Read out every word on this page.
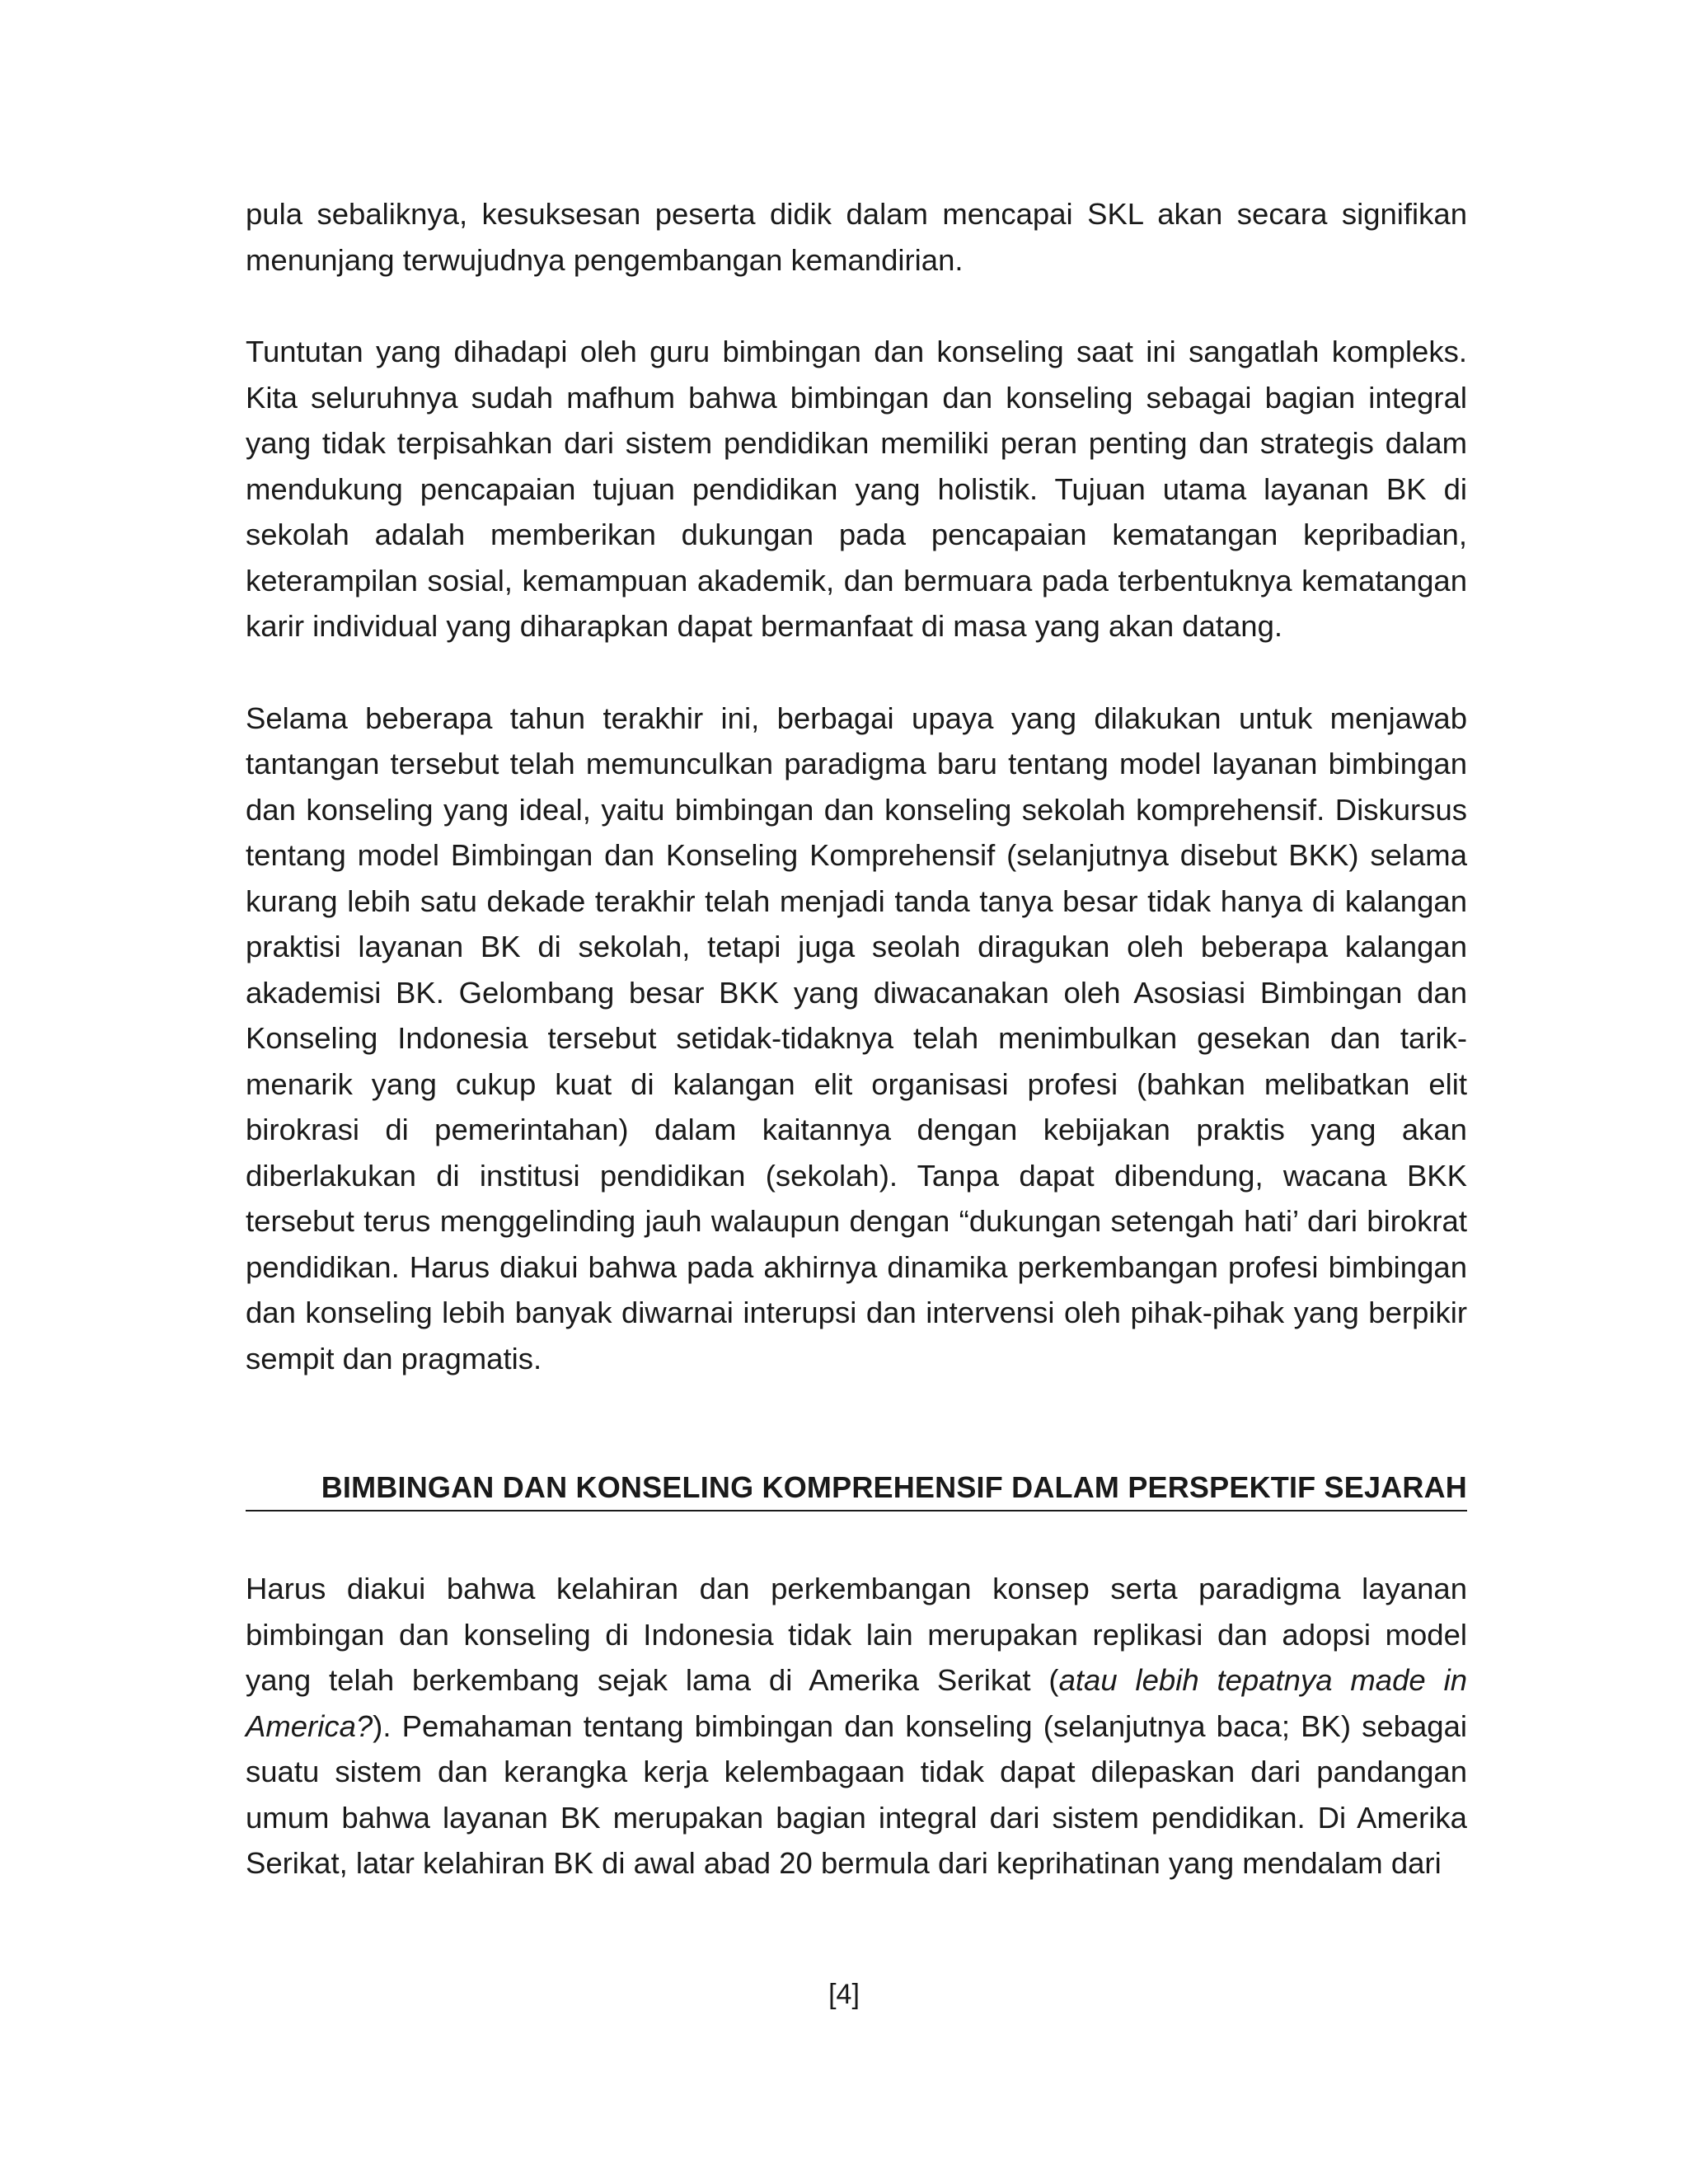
pula sebaliknya, kesuksesan peserta didik dalam mencapai SKL akan secara signifikan menunjang terwujudnya pengembangan kemandirian.

Tuntutan yang dihadapi oleh guru bimbingan dan konseling saat ini sangatlah kompleks. Kita seluruhnya sudah mafhum bahwa bimbingan dan konseling sebagai bagian integral yang tidak terpisahkan dari sistem pendidikan memiliki peran penting dan strategis dalam mendukung pencapaian tujuan pendidikan yang holistik. Tujuan utama layanan BK di sekolah adalah memberikan dukungan pada pencapaian kematangan kepribadian, keterampilan sosial, kemampuan akademik, dan bermuara pada terbentuknya kematangan karir individual yang diharapkan dapat bermanfaat di masa yang akan datang.

Selama beberapa tahun terakhir ini, berbagai upaya yang dilakukan untuk menjawab tantangan tersebut telah memunculkan paradigma baru tentang model layanan bimbingan dan konseling yang ideal, yaitu bimbingan dan konseling sekolah komprehensif. Diskursus tentang model Bimbingan dan Konseling Komprehensif (selanjutnya disebut BKK) selama kurang lebih satu dekade terakhir telah menjadi tanda tanya besar tidak hanya di kalangan praktisi layanan BK di sekolah, tetapi juga seolah diragukan oleh beberapa kalangan akademisi BK. Gelombang besar BKK yang diwacanakan oleh Asosiasi Bimbingan dan Konseling Indonesia tersebut setidak-tidaknya telah menimbulkan gesekan dan tarik-menarik yang cukup kuat di kalangan elit organisasi profesi (bahkan melibatkan elit birokrasi di pemerintahan) dalam kaitannya dengan kebijakan praktis yang akan diberlakukan di institusi pendidikan (sekolah). Tanpa dapat dibendung, wacana BKK tersebut terus menggelinding jauh walaupun dengan “dukungan setengah hati’ dari birokrat pendidikan. Harus diakui bahwa pada akhirnya dinamika perkembangan profesi bimbingan dan konseling lebih banyak diwarnai interupsi dan intervensi oleh pihak-pihak yang berpikir sempit dan pragmatis.

BIMBINGAN DAN KONSELING KOMPREHENSIF DALAM PERSPEKTIF SEJARAH

Harus diakui bahwa kelahiran dan perkembangan konsep serta paradigma layanan bimbingan dan konseling di Indonesia tidak lain merupakan replikasi dan adopsi model yang telah berkembang sejak lama di Amerika Serikat (atau lebih tepatnya made in America?). Pemahaman tentang bimbingan dan konseling (selanjutnya baca; BK) sebagai suatu sistem dan kerangka kerja kelembagaan tidak dapat dilepaskan dari pandangan umum bahwa layanan BK merupakan bagian integral dari sistem pendidikan. Di Amerika Serikat, latar kelahiran BK di awal abad 20 bermula dari keprihatinan yang mendalam dari

[4]
